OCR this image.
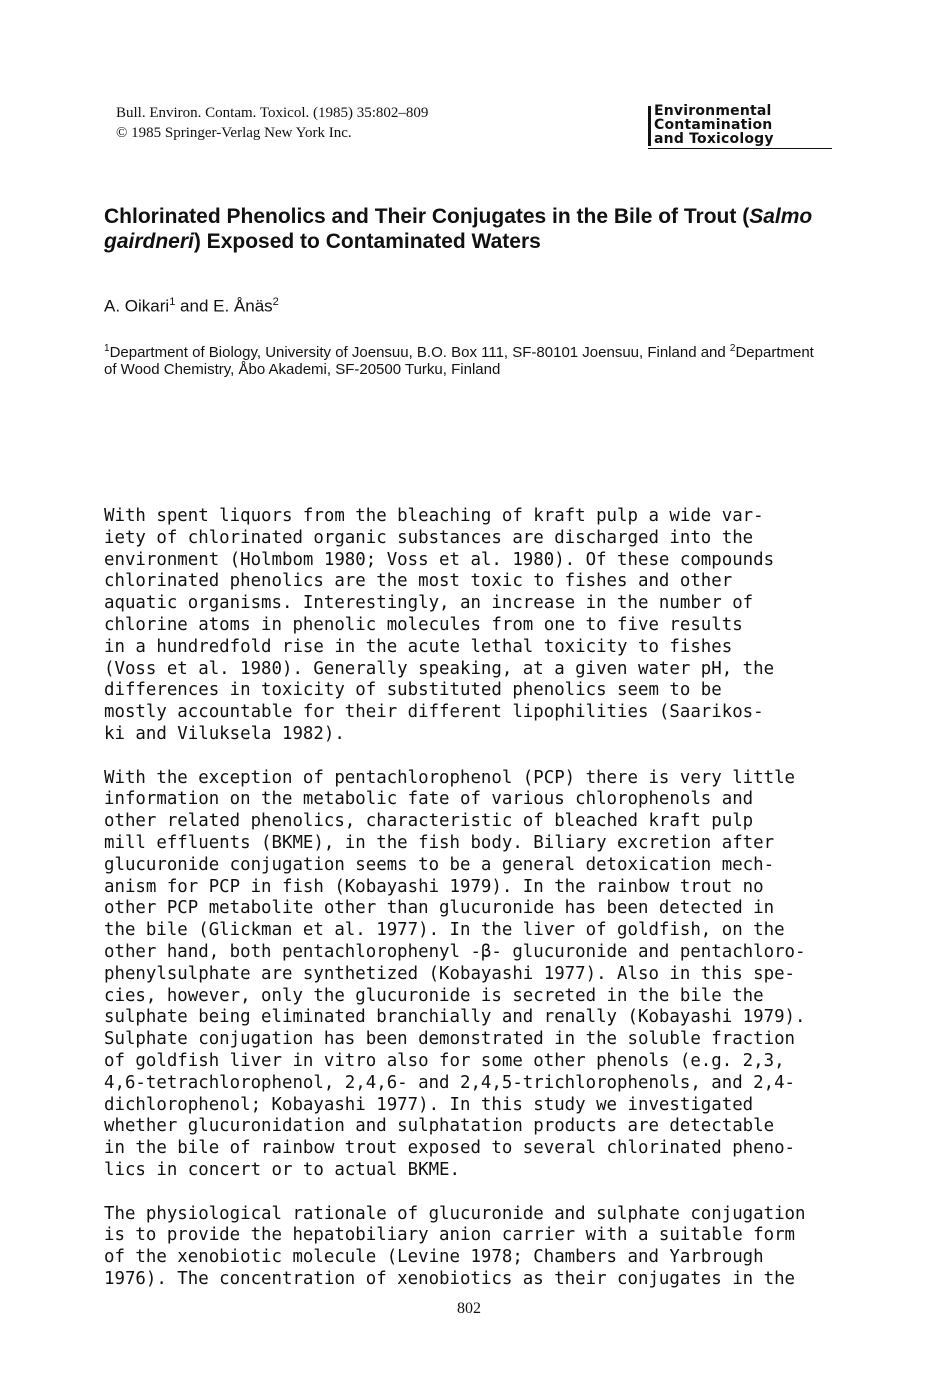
Bull. Environ. Contam. Toxicol. (1985) 35:802–809
© 1985 Springer-Verlag New York Inc.
Environmental
Contamination
and Toxicology
Chlorinated Phenolics and Their Conjugates in the Bile of Trout (Salmo gairdneri) Exposed to Contaminated Waters
A. Oikari$^1$ and E. Ånäs$^2$
$^1$Department of Biology, University of Joensuu, B.O. Box 111, SF-80101 Joensuu, Finland and $^2$Department of Wood Chemistry, Åbo Akademi, SF-20500 Turku, Finland

With spent liquors from the bleaching of kraft pulp a wide var-
iety of chlorinated organic substances are discharged into the
environment (Holmbom 1980; Voss et al. 1980). Of these compounds
chlorinated phenolics are the most toxic to fishes and other
aquatic organisms. Interestingly, an increase in the number of
chlorine atoms in phenolic molecules from one to five results
in a hundredfold rise in the acute lethal toxicity to fishes
(Voss et al. 1980). Generally speaking, at a given water pH, the
differences in toxicity of substituted phenolics seem to be
mostly accountable for their different lipophilities (Saarikos-
ki and Viluksela 1982).

With the exception of pentachlorophenol (PCP) there is very little
information on the metabolic fate of various chlorophenols and
other related phenolics, characteristic of bleached kraft pulp
mill effluents (BKME), in the fish body. Biliary excretion after
glucuronide conjugation seems to be a general detoxication mech-
anism for PCP in fish (Kobayashi 1979). In the rainbow trout no
other PCP metabolite other than glucuronide has been detected in
the bile (Glickman et al. 1977). In the liver of goldfish, on the
other hand, both pentachlorophenyl -β- glucuronide and pentachloro-
phenylsulphate are synthetized (Kobayashi 1977). Also in this spe-
cies, however, only the glucuronide is secreted in the bile the
sulphate being eliminated branchially and renally (Kobayashi 1979).
Sulphate conjugation has been demonstrated in the soluble fraction
of goldfish liver in vitro also for some other phenols (e.g. 2,3,
4,6-tetrachlorophenol, 2,4,6- and 2,4,5-trichlorophenols, and 2,4-
dichlorophenol; Kobayashi 1977). In this study we investigated
whether glucuronidation and sulphatation products are detectable
in the bile of rainbow trout exposed to several chlorinated pheno-
lics in concert or to actual BKME.

The physiological rationale of glucuronide and sulphate conjugation
is to provide the hepatobiliary anion carrier with a suitable form
of the xenobiotic molecule (Levine 1978; Chambers and Yarbrough
1976). The concentration of xenobiotics as their conjugates in the

802
